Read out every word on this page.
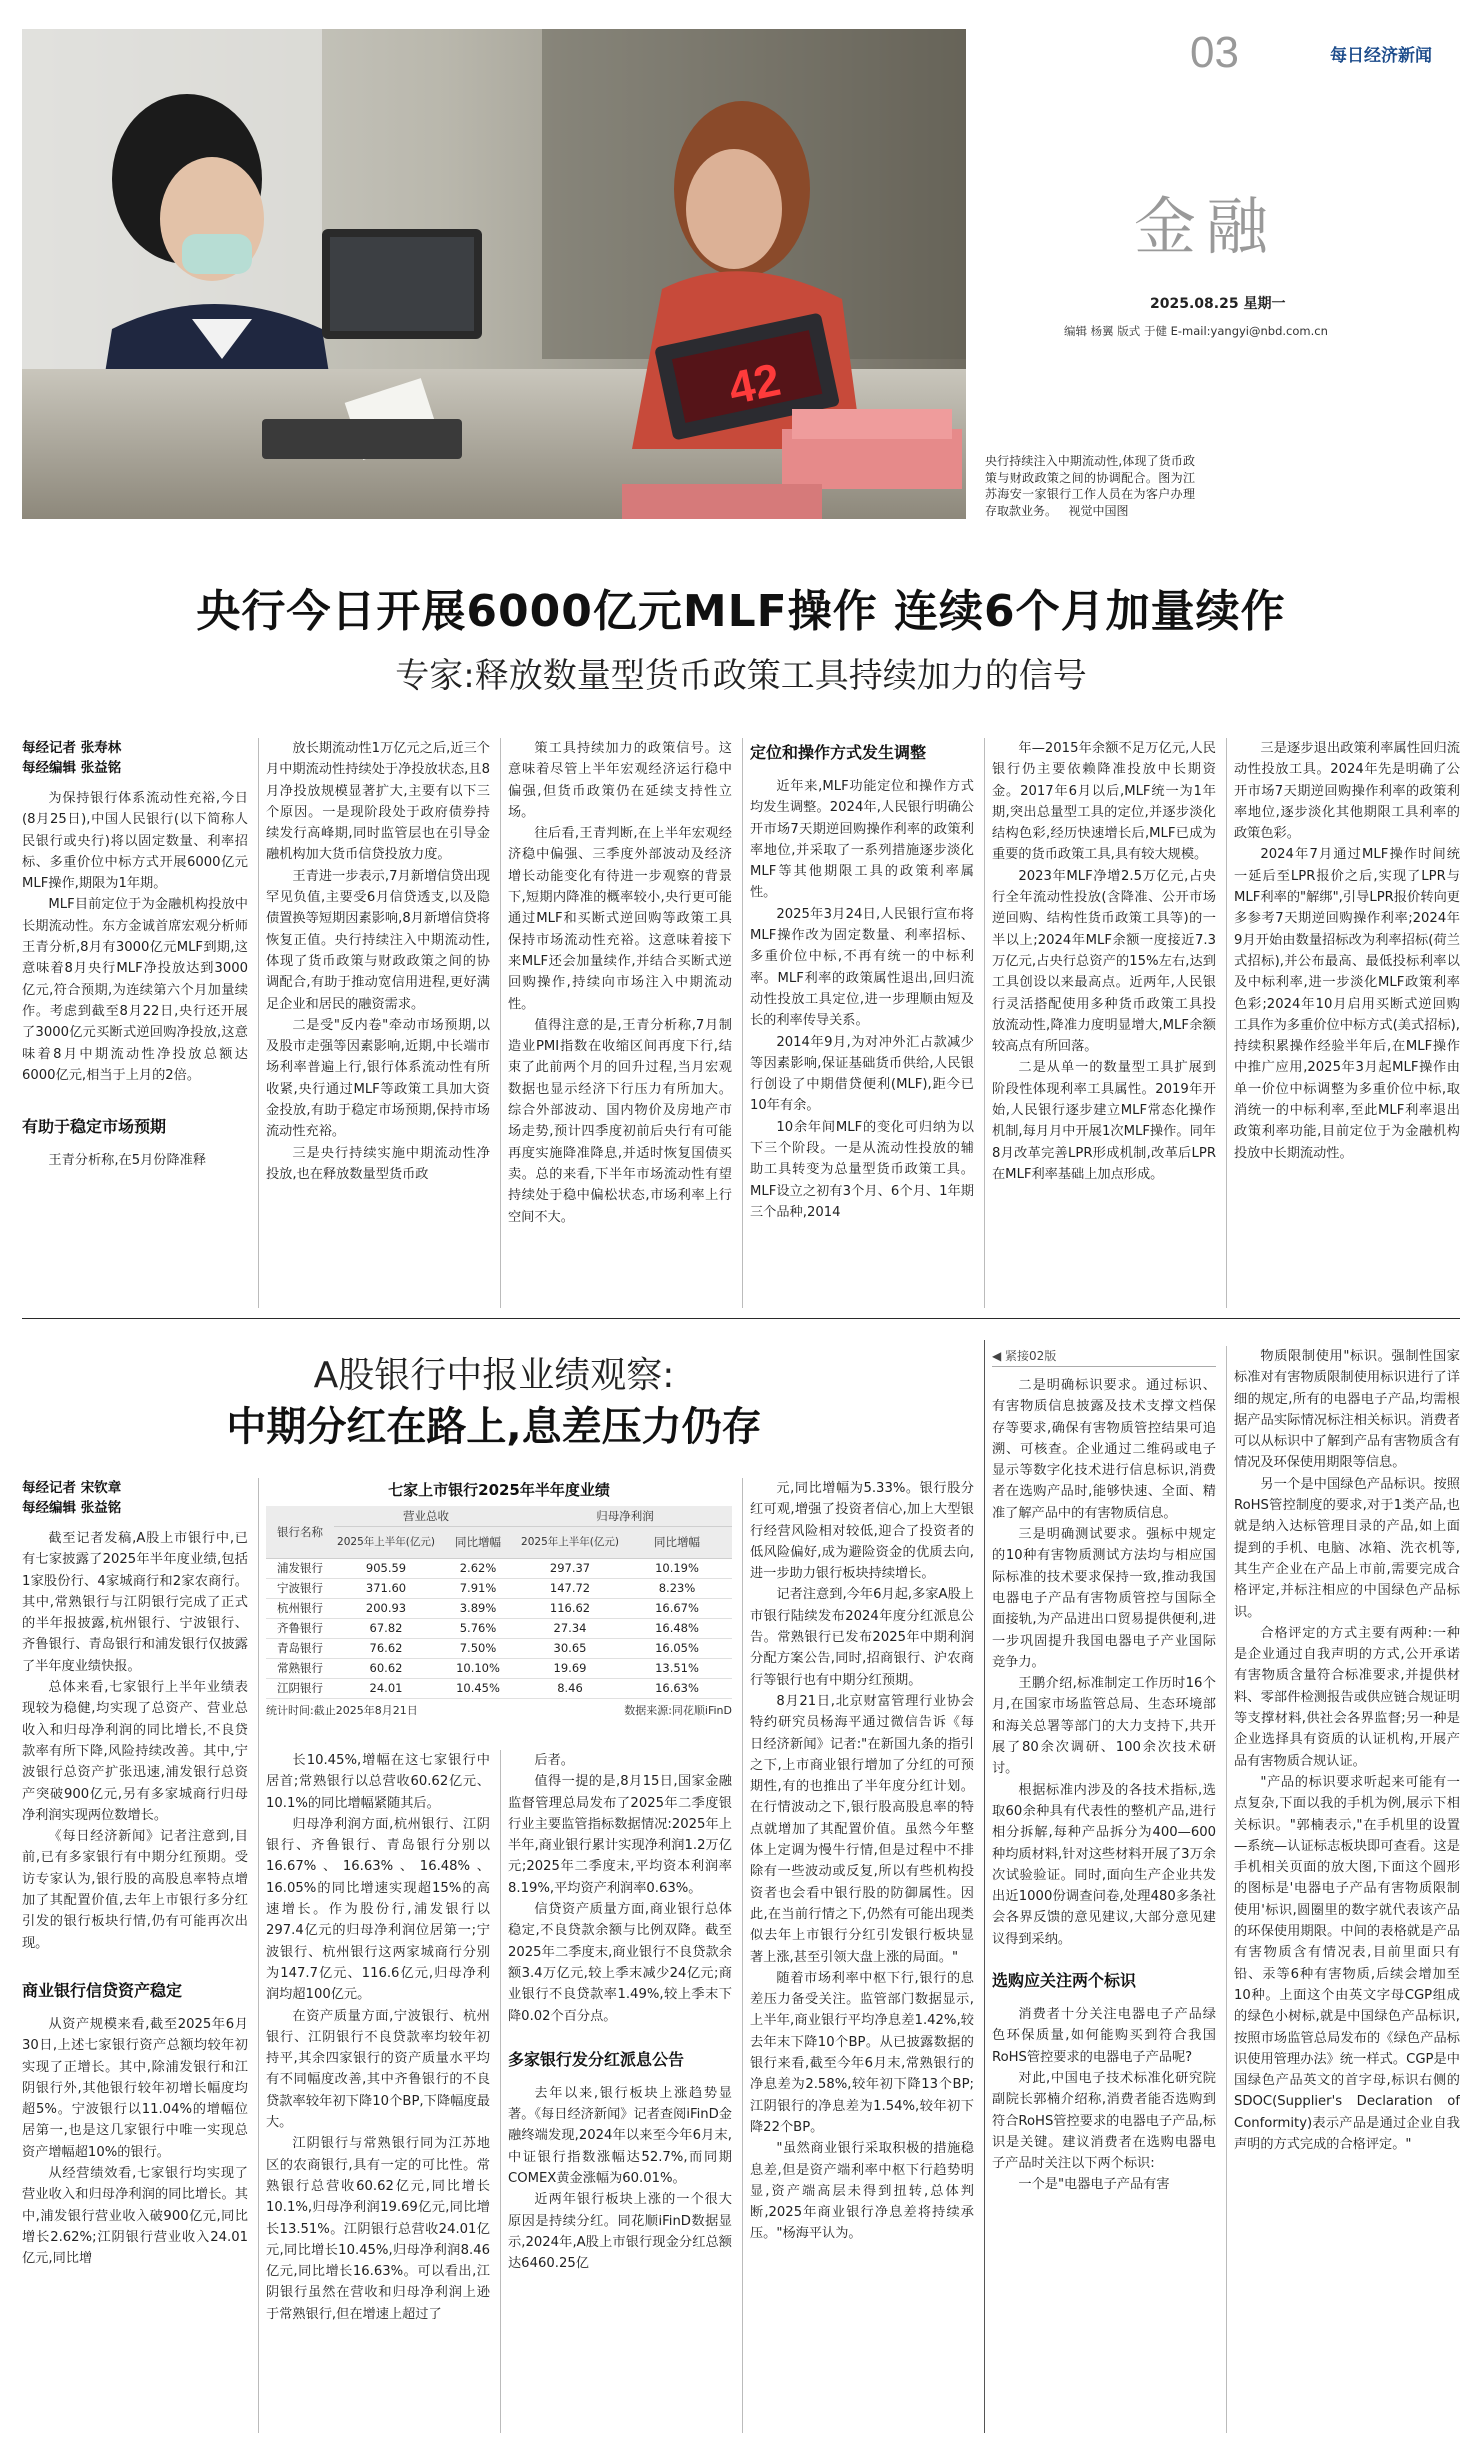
03	每日经济新闻
金融
2025.08.25 星期一
编辑 杨翼 版式 于健 E-mail:yangyi@nbd.com.cn
42
央行持续注入中期流动性,体现了货币政策与财政政策之间的协调配合。图为江苏海安一家银行工作人员在为客户办理存取款业务。 视觉中国图
央行今日开展6000亿元MLF操作 连续6个月加量续作
专家:释放数量型货币政策工具持续加力的信号
每经记者 张寿林
每经编辑 张益铭

为保持银行体系流动性充裕,今日(8月25日),中国人民银行(以下简称人民银行或央行)将以固定数量、利率招标、多重价位中标方式开展6000亿元MLF操作,期限为1年期。

MLF目前定位于为金融机构投放中长期流动性。东方金诚首席宏观分析师王青分析,8月有3000亿元MLF到期,这意味着8月央行MLF净投放达到3000亿元,符合预期,为连续第六个月加量续作。考虑到截至8月22日,央行还开展了3000亿元买断式逆回购净投放,这意味着8月中期流动性净投放总额达6000亿元,相当于上月的2倍。

有助于稳定市场预期

王青分析称,在5月份降准释

放长期流动性1万亿元之后,近三个月中期流动性持续处于净投放状态,且8月净投放规模显著扩大,主要有以下三个原因。一是现阶段处于政府债券持续发行高峰期,同时监管层也在引导金融机构加大货币信贷投放力度。

王青进一步表示,7月新增信贷出现罕见负值,主要受6月信贷透支,以及隐债置换等短期因素影响,8月新增信贷将恢复正值。央行持续注入中期流动性,体现了货币政策与财政政策之间的协调配合,有助于推动宽信用进程,更好满足企业和居民的融资需求。

二是受"反内卷"牵动市场预期,以及股市走强等因素影响,近期,中长端市场利率普遍上行,银行体系流动性有所收紧,央行通过MLF等政策工具加大资金投放,有助于稳定市场预期,保持市场流动性充裕。

三是央行持续实施中期流动性净投放,也在释放数量型货币政

策工具持续加力的政策信号。这意味着尽管上半年宏观经济运行稳中偏强,但货币政策仍在延续支持性立场。

往后看,王青判断,在上半年宏观经济稳中偏强、三季度外部波动及经济增长动能变化有待进一步观察的背景下,短期内降准的概率较小,央行更可能通过MLF和买断式逆回购等政策工具保持市场流动性充裕。这意味着接下来MLF还会加量续作,并结合买断式逆回购操作,持续向市场注入中期流动性。

值得注意的是,王青分析称,7月制造业PMI指数在收缩区间再度下行,结束了此前两个月的回升过程,当月宏观数据也显示经济下行压力有所加大。综合外部波动、国内物价及房地产市场走势,预计四季度初前后央行有可能再度实施降准降息,并适时恢复国债买卖。总的来看,下半年市场流动性有望持续处于稳中偏松状态,市场利率上行空间不大。

定位和操作方式发生调整

近年来,MLF功能定位和操作方式均发生调整。2024年,人民银行明确公开市场7天期逆回购操作利率的政策利率地位,并采取了一系列措施逐步淡化MLF等其他期限工具的政策利率属性。

2025年3月24日,人民银行宣布将MLF操作改为固定数量、利率招标、多重价位中标,不再有统一的中标利率。MLF利率的政策属性退出,回归流动性投放工具定位,进一步理顺由短及长的利率传导关系。

2014年9月,为对冲外汇占款减少等因素影响,保证基础货币供给,人民银行创设了中期借贷便利(MLF),距今已10年有余。

10余年间MLF的变化可归纳为以下三个阶段。一是从流动性投放的辅助工具转变为总量型货币政策工具。MLF设立之初有3个月、6个月、1年期三个品种,2014

年—2015年余额不足万亿元,人民银行仍主要依赖降准投放中长期资金。2017年6月以后,MLF统一为1年期,突出总量型工具的定位,并逐步淡化结构色彩,经历快速增长后,MLF已成为重要的货币政策工具,具有较大规模。

2023年MLF净增2.5万亿元,占央行全年流动性投放(含降准、公开市场逆回购、结构性货币政策工具等)的一半以上;2024年MLF余额一度接近7.3万亿元,占央行总资产的15%左右,达到工具创设以来最高点。近两年,人民银行灵活搭配使用多种货币政策工具投放流动性,降准力度明显增大,MLF余额较高点有所回落。

二是从单一的数量型工具扩展到阶段性体现利率工具属性。2019年开始,人民银行逐步建立MLF常态化操作机制,每月月中开展1次MLF操作。同年8月改革完善LPR形成机制,改革后LPR在MLF利率基础上加点形成。

三是逐步退出政策利率属性回归流动性投放工具。2024年先是明确了公开市场7天期逆回购操作利率的政策利率地位,逐步淡化其他期限工具利率的政策色彩。

2024年7月通过MLF操作时间统一延后至LPR报价之后,实现了LPR与MLF利率的"解绑",引导LPR报价转向更多参考7天期逆回购操作利率;2024年9月开始由数量招标改为利率招标(荷兰式招标),并公布最高、最低投标利率以及中标利率,进一步淡化MLF政策利率色彩;2024年10月启用买断式逆回购工具作为多重价位中标方式(美式招标),持续积累操作经验半年后,在MLF操作中推广应用,2025年3月起MLF操作由单一价位中标调整为多重价位中标,取消统一的中标利率,至此MLF利率退出政策利率功能,目前定位于为金融机构投放中长期流动性。

A股银行中报业绩观察:
中期分红在路上,息差压力仍存
每经记者 宋钦章
每经编辑 张益铭

截至记者发稿,A股上市银行中,已有七家披露了2025年半年度业绩,包括1家股份行、4家城商行和2家农商行。其中,常熟银行与江阴银行完成了正式的半年报披露,杭州银行、宁波银行、齐鲁银行、青岛银行和浦发银行仅披露了半年度业绩快报。

总体来看,七家银行上半年业绩表现较为稳健,均实现了总资产、营业总收入和归母净利润的同比增长,不良贷款率有所下降,风险持续改善。其中,宁波银行总资产扩张迅速,浦发银行总资产突破900亿元,另有多家城商行归母净利润实现两位数增长。

《每日经济新闻》记者注意到,目前,已有多家银行有中期分红预期。受访专家认为,银行股的高股息率特点增加了其配置价值,去年上市银行多分红引发的银行板块行情,仍有可能再次出现。

商业银行信贷资产稳定

从资产规模来看,截至2025年6月30日,上述七家银行资产总额均较年初实现了正增长。其中,除浦发银行和江阴银行外,其他银行较年初增长幅度均超5%。宁波银行以11.04%的增幅位居第一,也是这几家银行中唯一实现总资产增幅超10%的银行。

从经营绩效看,七家银行均实现了营业收入和归母净利润的同比增长。其中,浦发银行营业收入破900亿元,同比增长2.62%;江阴银行营业收入24.01亿元,同比增

七家上市银行2025年半年度业绩
银行名称	营业总收		归母净利润	
	2025年上半年(亿元)	同比增幅	2025年上半年(亿元)	同比增幅
浦发银行	905.59	2.62%	297.37	10.19%
宁波银行	371.60	7.91%	147.72	8.23%
杭州银行	200.93	3.89%	116.62	16.67%
齐鲁银行	67.82	5.76%	27.34	16.48%
青岛银行	76.62	7.50%	30.65	16.05%
常熟银行	60.62	10.10%	19.69	13.51%
江阴银行	24.01	10.45%	8.46	16.63%
统计时间:截止2025年8月21日	数据来源:同花顺iFinD

长10.45%,增幅在这七家银行中居首;常熟银行以总营收60.62亿元、10.1%的同比增幅紧随其后。

归母净利润方面,杭州银行、江阴银行、齐鲁银行、青岛银行分别以16.67%、16.63%、16.48%、16.05%的同比增速实现超15%的高速增长。作为股份行,浦发银行以297.4亿元的归母净利润位居第一;宁波银行、杭州银行这两家城商行分别为147.7亿元、116.6亿元,归母净利润均超100亿元。

在资产质量方面,宁波银行、杭州银行、江阴银行不良贷款率均较年初持平,其余四家银行的资产质量水平均有不同幅度改善,其中齐鲁银行的不良贷款率较年初下降10个BP,下降幅度最大。

江阴银行与常熟银行同为江苏地区的农商银行,具有一定的可比性。常熟银行总营收60.62亿元,同比增长10.1%,归母净利润19.69亿元,同比增长13.51%。江阴银行总营收24.01亿元,同比增长10.45%,归母净利润8.46亿元,同比增长16.63%。可以看出,江阴银行虽然在营收和归母净利润上逊于常熟银行,但在增速上超过了

后者。

值得一提的是,8月15日,国家金融监督管理总局发布了2025年二季度银行业主要监管指标数据情况:2025年上半年,商业银行累计实现净利润1.2万亿元;2025年二季度末,平均资本利润率8.19%,平均资产利润率0.63%。

信贷资产质量方面,商业银行总体稳定,不良贷款余额与比例双降。截至2025年二季度末,商业银行不良贷款余额3.4万亿元,较上季末减少24亿元;商业银行不良贷款率1.49%,较上季末下降0.02个百分点。

多家银行发分红派息公告

去年以来,银行板块上涨趋势显著。《每日经济新闻》记者查阅iFinD金融终端发现,2024年以来至今年6月末,中证银行指数涨幅达52.7%,而同期COMEX黄金涨幅为60.01%。

近两年银行板块上涨的一个很大原因是持续分红。同花顺iFinD数据显示,2024年,A股上市银行现金分红总额达6460.25亿

元,同比增幅为5.33%。银行股分红可观,增强了投资者信心,加上大型银行经营风险相对较低,迎合了投资者的低风险偏好,成为避险资金的优质去向,进一步助力银行板块持续增长。

记者注意到,今年6月起,多家A股上市银行陆续发布2024年度分红派息公告。常熟银行已发布2025年中期利润分配方案公告,同时,招商银行、沪农商行等银行也有中期分红预期。

8月21日,北京财富管理行业协会特约研究员杨海平通过微信告诉《每日经济新闻》记者:"在新国九条的指引之下,上市商业银行增加了分红的可预期性,有的也推出了半年度分红计划。在行情波动之下,银行股高股息率的特点就增加了其配置价值。虽然今年整体上定调为慢牛行情,但是过程中不排除有一些波动或反复,所以有些机构投资者也会看中银行股的防御属性。因此,在当前行情之下,仍然有可能出现类似去年上市银行分红引发银行板块显著上涨,甚至引领大盘上涨的局面。"

随着市场利率中枢下行,银行的息差压力备受关注。监管部门数据显示,上半年,商业银行平均净息差1.42%,较去年末下降10个BP。从已披露数据的银行来看,截至今年6月末,常熟银行的净息差为2.58%,较年初下降13个BP;江阴银行的净息差为1.54%,较年初下降22个BP。

"虽然商业银行采取积极的措施稳息差,但是资产端利率中枢下行趋势明显,资产端高层未得到扭转,总体判断,2025年商业银行净息差将持续承压。"杨海平认为。

◀ 紧接02版

二是明确标识要求。通过标识、有害物质信息披露及技术支撑文档保存等要求,确保有害物质管控结果可追溯、可核查。企业通过二维码或电子显示等数字化技术进行信息标识,消费者在选购产品时,能够快速、全面、精准了解产品中的有害物质信息。

三是明确测试要求。强标中规定的10种有害物质测试方法均与相应国际标准的技术要求保持一致,推动我国电器电子产品有害物质管控与国际全面接轨,为产品进出口贸易提供便利,进一步巩固提升我国电器电子产业国际竞争力。

王鹏介绍,标准制定工作历时16个月,在国家市场监管总局、生态环境部和海关总署等部门的大力支持下,共开展了80余次调研、100余次技术研讨。

根据标准内涉及的各技术指标,选取60余种具有代表性的整机产品,进行相分拆解,每种产品拆分为400—600种均质材料,针对这些材料开展了3万余次试验验证。同时,面向生产企业共发出近1000份调查问卷,处理480多条社会各界反馈的意见建议,大部分意见建议得到采纳。

选购应关注两个标识

消费者十分关注电器电子产品绿色环保质量,如何能购买到符合我国RoHS管控要求的电器电子产品呢?

对此,中国电子技术标准化研究院副院长郭楠介绍称,消费者能否选购到符合RoHS管控要求的电器电子产品,标识是关键。建议消费者在选购电器电子产品时关注以下两个标识:

一个是"电器电子产品有害

物质限制使用"标识。强制性国家标准对有害物质限制使用标识进行了详细的规定,所有的电器电子产品,均需根据产品实际情况标注相关标识。消费者可以从标识中了解到产品有害物质含有情况及环保使用期限等信息。

另一个是中国绿色产品标识。按照RoHS管控制度的要求,对于1类产品,也就是纳入达标管理目录的产品,如上面提到的手机、电脑、冰箱、洗衣机等,其生产企业在产品上市前,需要完成合格评定,并标注相应的中国绿色产品标识。

合格评定的方式主要有两种:一种是企业通过自我声明的方式,公开承诺有害物质含量符合标准要求,并提供材料、零部件检测报告或供应链合规证明等支撑材料,供社会各界监督;另一种是企业选择具有资质的认证机构,开展产品有害物质合规认证。

"产品的标识要求听起来可能有一点复杂,下面以我的手机为例,展示下相关标识。"郭楠表示,"在手机里的设置—系统—认证标志板块即可查看。这是手机相关页面的放大图,下面这个圆形的图标是'电器电子产品有害物质限制使用'标识,圆圈里的数字就代表该产品的环保使用期限。中间的表格就是产品有害物质含有情况表,目前里面只有铅、汞等6种有害物质,后续会增加至10种。上面这个由英文字母CGP组成的绿色小树标,就是中国绿色产品标识,按照市场监管总局发布的《绿色产品标识使用管理办法》统一样式。CGP是中国绿色产品英文的首字母,标识右侧的SDOC(Supplier's Declaration of Conformity)表示产品是通过企业自我声明的方式完成的合格评定。"
